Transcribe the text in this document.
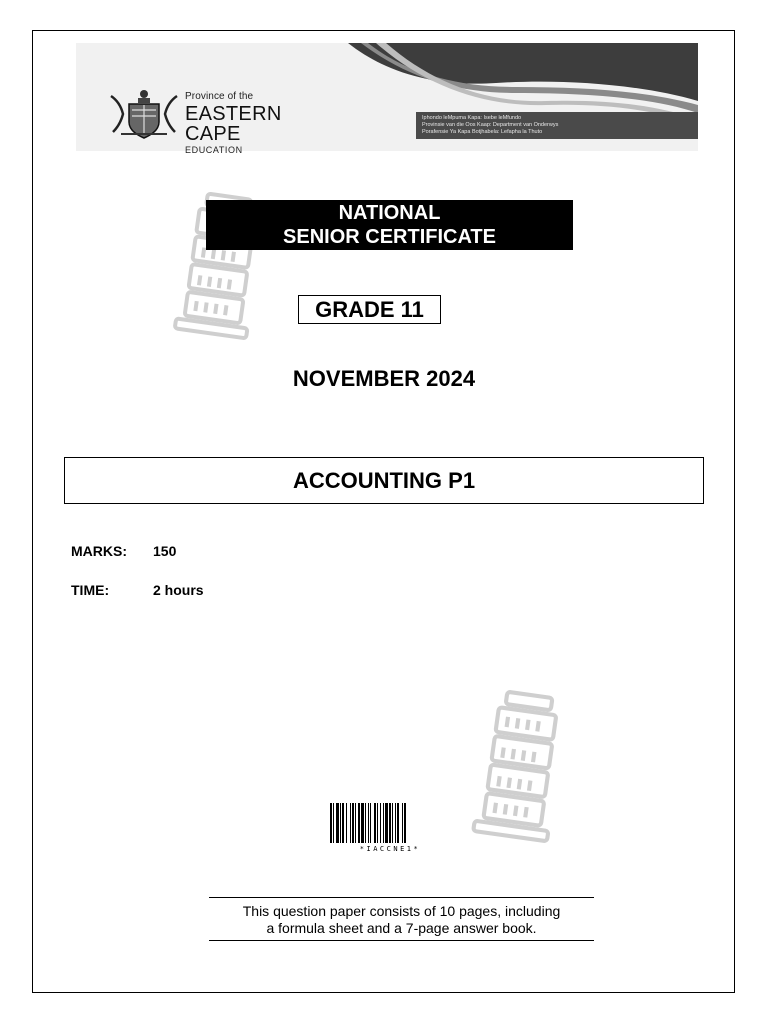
Province of the
EASTERN CAPE
EDUCATION
Iphondo leMpuma Kapa: Isebe leMfundo
Provinsie van die Oos Kaap: Department van Onderwys
Porafensie Ya Kapa Botjhabela: Lefapha la Thuto
NATIONAL
SENIOR CERTIFICATE
GRADE 11
NOVEMBER 2024
ACCOUNTING P1
MARKS: 150
TIME:	2 hours
*IACCNE1*
This question paper consists of 10 pages, including
a formula sheet and a 7-page answer book.
